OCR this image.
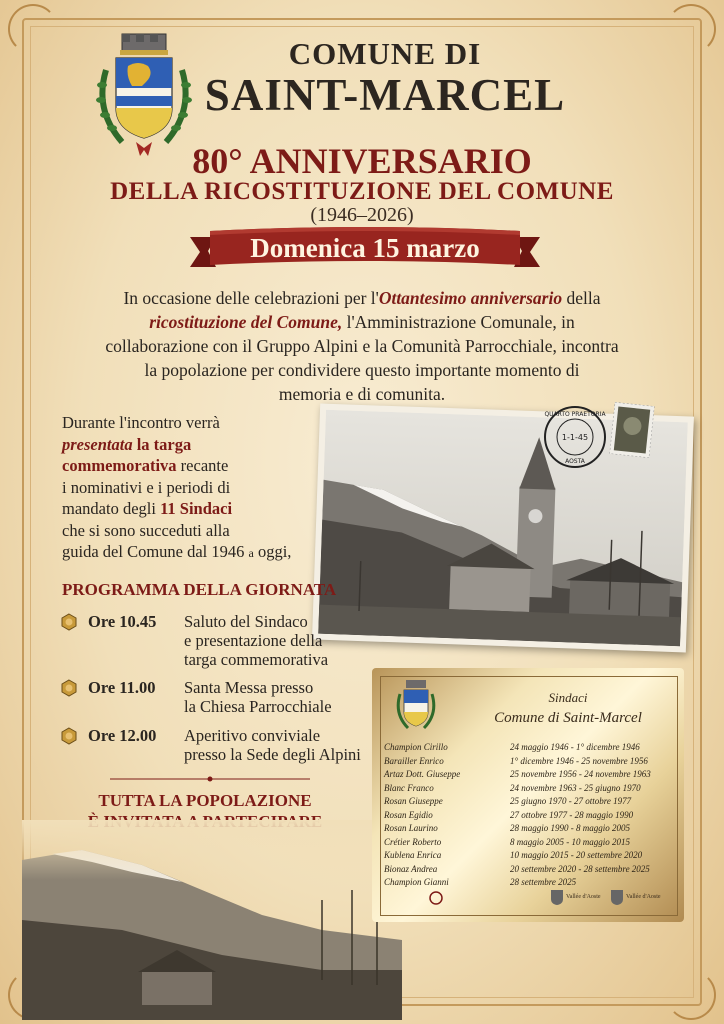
COMUNE DI
SAINT-MARCEL
80° ANNIVERSARIO
DELLA RICOSTITUZIONE DEL COMUNE
(1946–2026)
Domenica 15 marzo
In occasione delle celebrazioni per l'Ottantesimo anniversario della
ricostituzione del Comune, l'Amministrazione Comunale, in
collaborazione con il Gruppo Alpini e la Comunità Parrocchiale, incontra
la popolazione per condividere questo importante momento di
memoria e di comunita.
Durante l'incontro verrà
presentata la targa
commemorativa recante
i nominativi e i periodi di
mandato degli 11 Sindaci
che si sono succeduti alla
guida del Comune dal 1946 a oggi,
1-1-45
QUARTO PRAETORIA
AOSTA
PROGRAMMA DELLA GIORNATA
Ore 10.45 Saluto del Sindaco
e presentazione della
targa commemorativa
Ore 11.00 Santa Messa presso
la Chiesa Parrocchiale
Ore 12.00 Aperitivo conviviale
presso la Sede degli Alpini
TUTTA LA POPOLAZIONE
Sindaci
Comune di Saint-Marcel
Champion Cirillo	24 maggio 1946 - 1° dicembre 1946
Barailler Enrico	1° dicembre 1946 - 25 novembre 1956
Artaz Dott. Giuseppe	25 novembre 1956 - 24 novembre 1963
Blanc Franco	24 novembre 1963 - 25 giugno 1970
Rosan Giuseppe	25 giugno 1970 - 27 ottobre 1977
Rosan Egidio	27 ottobre 1977 - 28 maggio 1990
Rosan Laurino	28 maggio 1990 - 8 maggio 2005
Crétier Roberto	8 maggio 2005 - 10 maggio 2015
Kublena Enrica	10 maggio 2015 - 20 settembre 2020
Bionaz Andrea	20 settembre 2020 - 28 settembre 2025
Champion Gianni	28 settembre 2025
Vallée d'Aoste	Vallée d'Aoste
